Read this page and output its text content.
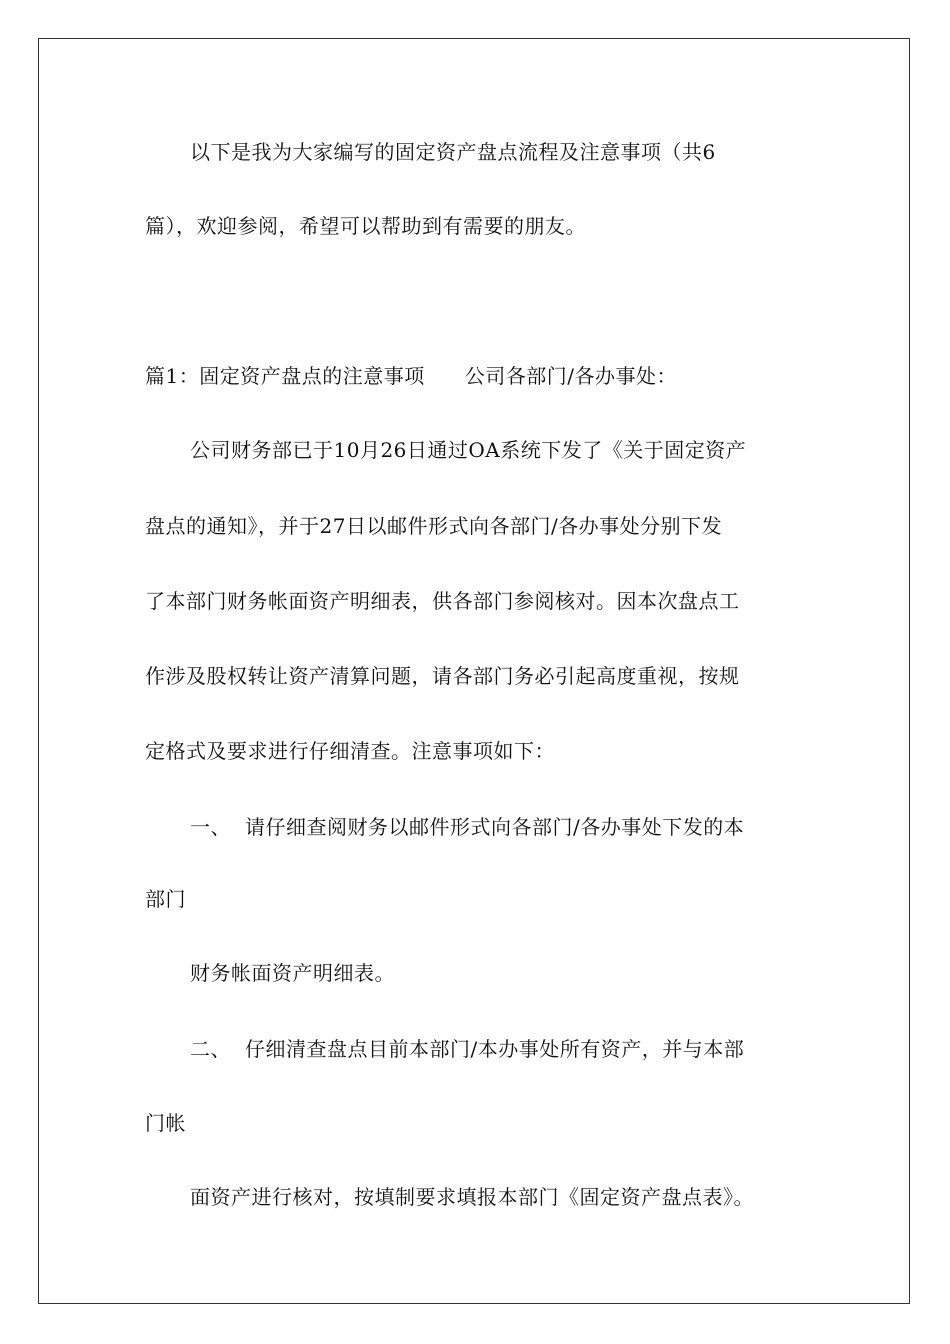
以下是我为大家编写的固定资产盘点流程及注意事项（共6
篇），欢迎参阅，希望可以帮助到有需要的朋友。
篇1：固定资产盘点的注意事项 公司各部门/各办事处：
公司财务部已于10月26日通过OA系统下发了《关于固定资产
盘点的通知》，并于27日以邮件形式向各部门/各办事处分别下发
了本部门财务帐面资产明细表，供各部门参阅核对。因本次盘点工
作涉及股权转让资产清算问题，请各部门务必引起高度重视，按规
定格式及要求进行仔细清查。注意事项如下：
一、 请仔细查阅财务以邮件形式向各部门/各办事处下发的本
部门
财务帐面资产明细表。
二、 仔细清查盘点目前本部门/本办事处所有资产，并与本部
门帐
面资产进行核对，按填制要求填报本部门《固定资产盘点表》。
